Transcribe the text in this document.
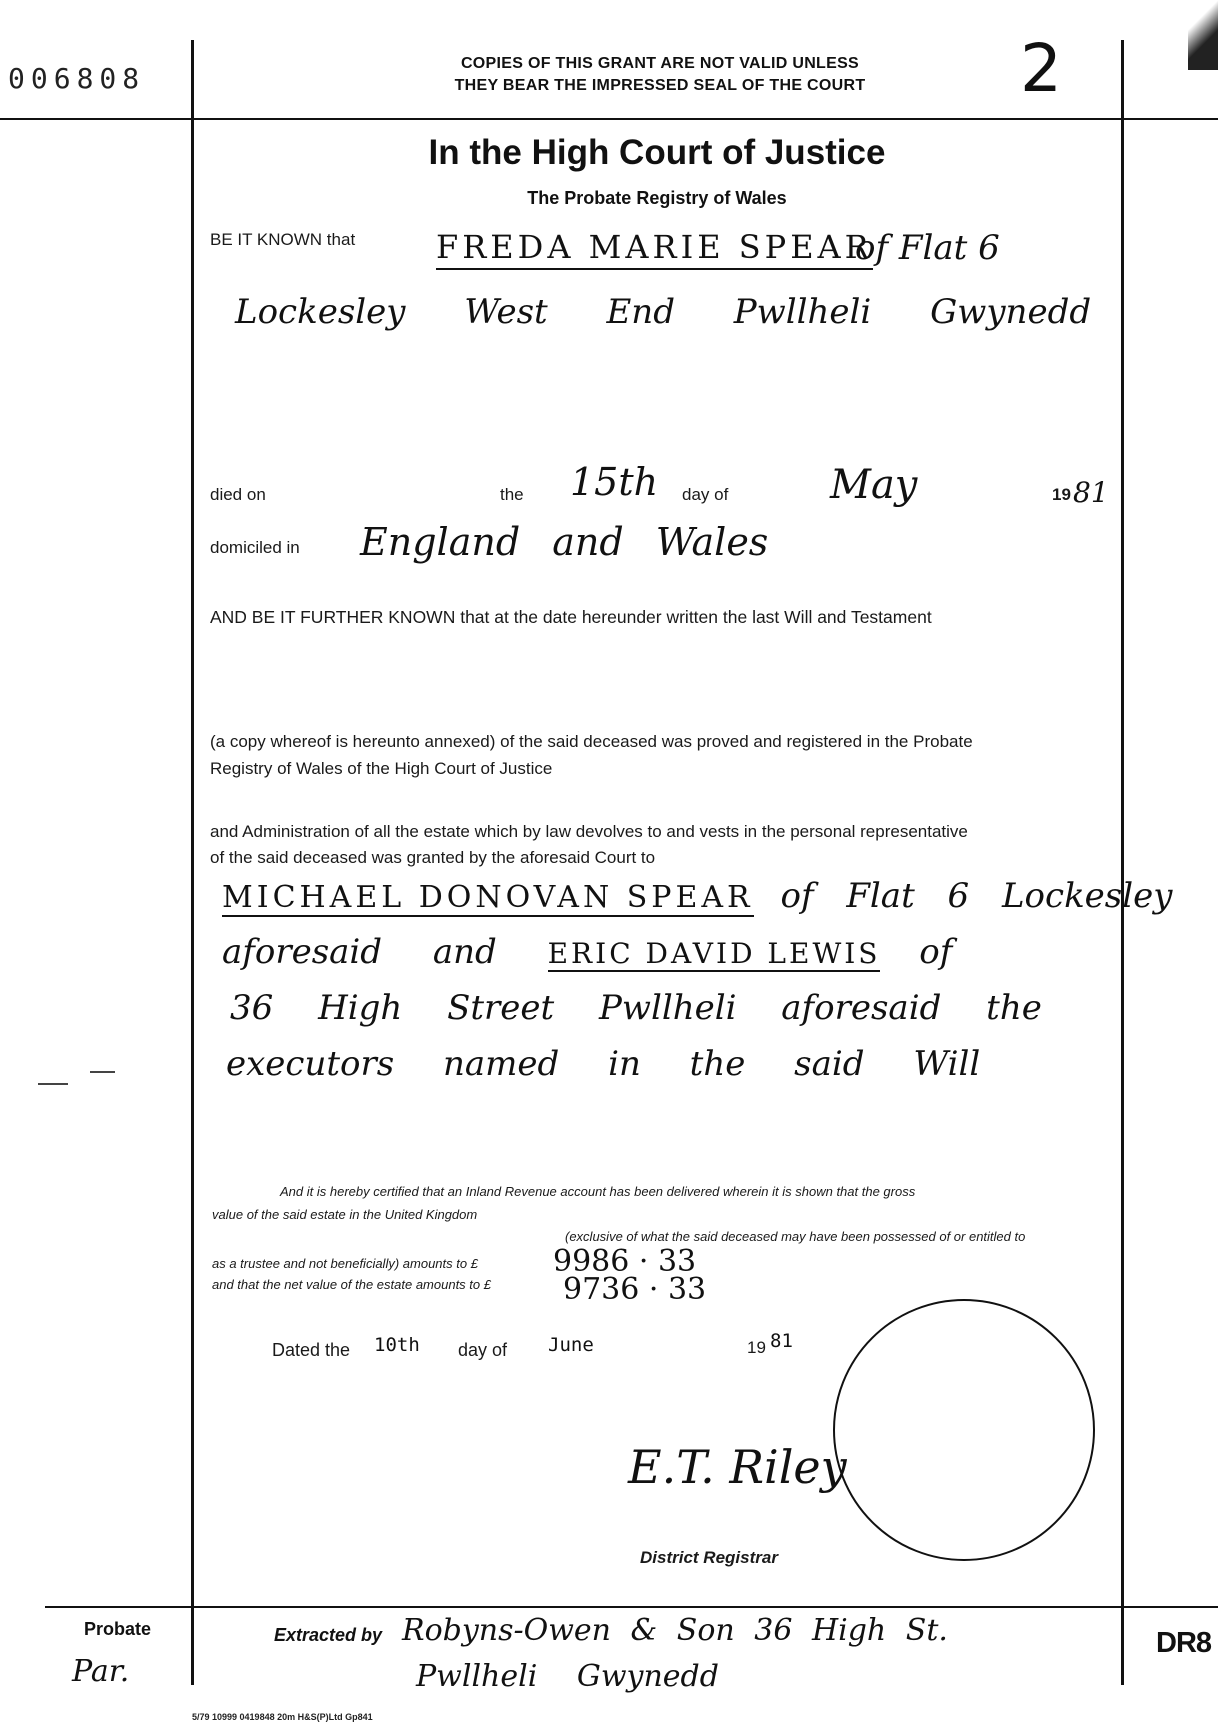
006808	COPIES OF THIS GRANT ARE NOT VALID UNLESS
THEY BEAR THE IMPRESSED SEAL OF THE COURT	2
In the High Court of Justice
The Probate Registry of Wales
BE IT KNOWN that	FREDA MARIE SPEAR
of Flat 6
Lockesley West End Pwllheli Gwynedd
died on	the 15th day of	May	19 81
domiciled in England and Wales
AND BE IT FURTHER KNOWN that at the date hereunder written the last Will and Testament
(a copy whereof is hereunto annexed) of the said deceased was proved and registered in the Probate
Registry of Wales of the High Court of Justice
and Administration of all the estate which by law devolves to and vests in the personal representative
of the said deceased was granted by the aforesaid Court to
MICHAEL DONOVAN SPEAR of Flat 6 Lockesley
aforesaid and ERIC DAVID LEWIS of
36 High Street Pwllheli aforesaid the
executors named in the said Will
And it is hereby certified that an Inland Revenue account has been delivered wherein it is shown that the gross
value of the said estate in the United Kingdom
(exclusive of what the said deceased may have been possessed of or entitled to
as a trustee and not beneficially) amounts to £	9986 · 33
and that the net value of the estate amounts to £ 9736 · 33
Dated the 10th day of June	19 81
E.T. Riley
District Registrar
Probate
Par.
Extracted by Robyns-Owen & Son 36 High St.
Pwllheli Gwynedd
DR8
5/79 10999 0419848 20m H&S(P)Ltd Gp841
